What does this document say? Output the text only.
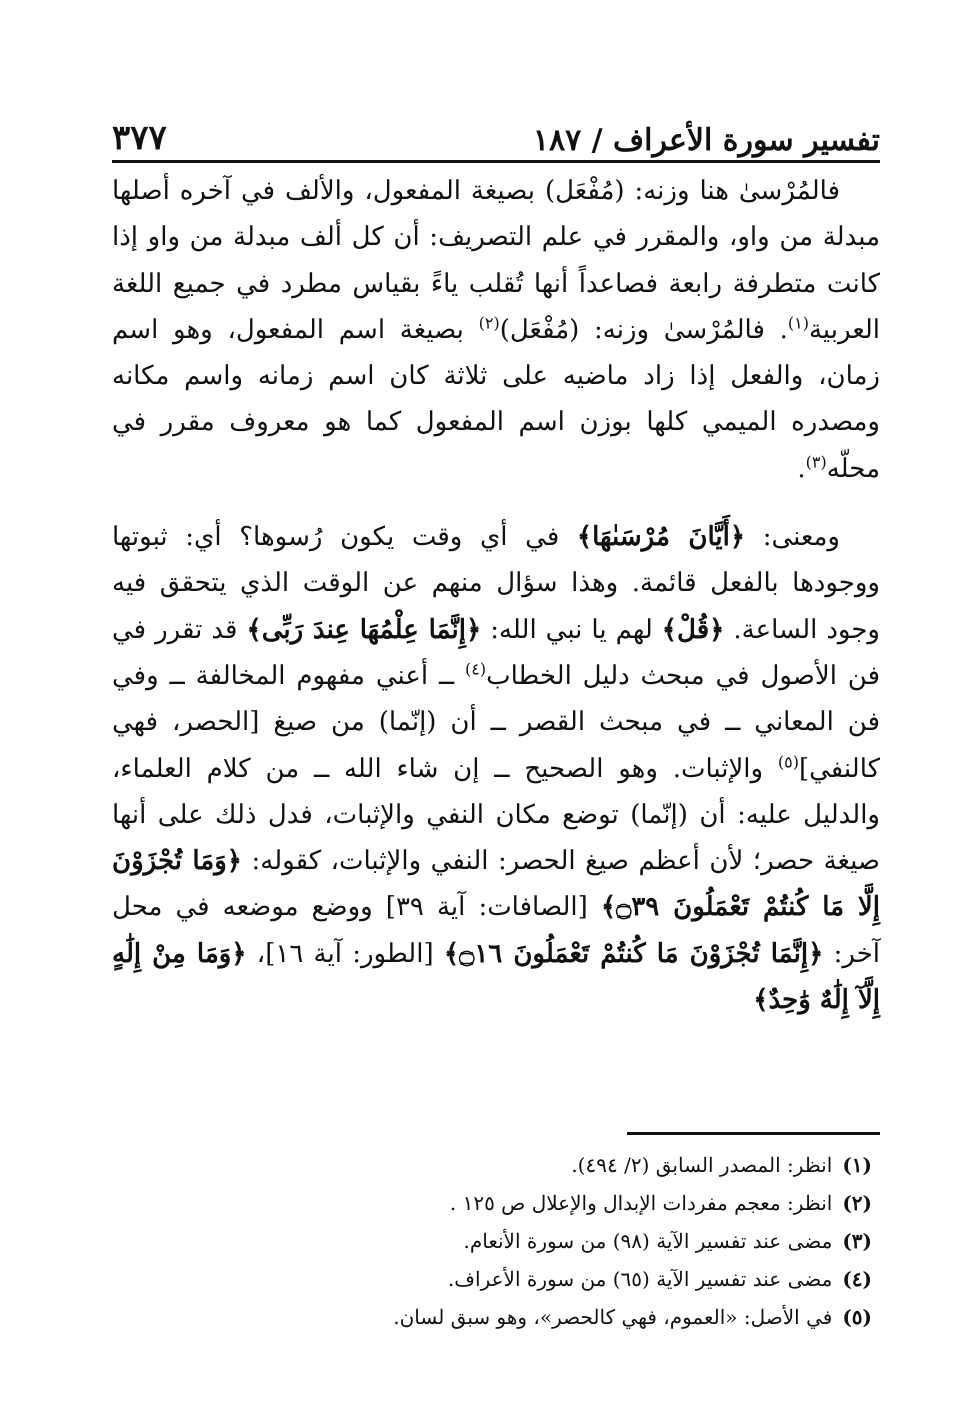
تفسير سورة الأعراف / ١٨٧
٣٧٧

فالمُرْسىٰ هنا وزنه: (مُفْعَل) بصيغة المفعول، والألف في آخره أصلها مبدلة من واو، والمقرر في علم التصريف: أن كل ألف مبدلة من واو إذا كانت متطرفة رابعة فصاعداً أنها تُقلب ياءً بقياس مطرد في جميع اللغة العربية$^{(١)}$. فالمُرْسىٰ وزنه: (مُفْعَل)$^{(٢)}$ بصيغة اسم المفعول، وهو اسم زمان، والفعل إذا زاد ماضيه على ثلاثة كان اسم زمانه واسم مكانه ومصدره الميمي كلها بوزن اسم المفعول كما هو معروف مقرر في محلّه$^{(٣)}$.

ومعنى: ﴿أَيَّانَ مُرْسَىٰهَا﴾ في أي وقت يكون رُسوها؟ أي: ثبوتها ووجودها بالفعل قائمة. وهذا سؤال منهم عن الوقت الذي يتحقق فيه وجود الساعة. ﴿قُلْ﴾ لهم يا نبي الله: ﴿إِنَّمَا عِلْمُهَا عِندَ رَبِّى﴾ قد تقرر في فن الأصول في مبحث دليل الخطاب$^{(٤)}$ ــ أعني مفهوم المخالفة ــ وفي فن المعاني ــ في مبحث القصر ــ أن (إنّما) من صيغ [الحصر، فهي كالنفي]$^{(٥)}$ والإثبات. وهو الصحيح ــ إن شاء الله ــ من كلام العلماء، والدليل عليه: أن (إنّما) توضع مكان النفي والإثبات، فدل ذلك على أنها صيغة حصر؛ لأن أعظم صيغ الحصر: النفي والإثبات، كقوله: ﴿وَمَا تُجْزَوْنَ إِلَّا مَا كُنتُمْ تَعْمَلُونَ ۝٣٩﴾ [الصافات: آية ٣٩] ووضع موضعه في محل آخر: ﴿إِنَّمَا تُجْزَوْنَ مَا كُنتُمْ تَعْمَلُونَ ۝١٦﴾ [الطور: آية ١٦]، ﴿وَمَا مِنْ إِلَٰهٍ إِلَّآ إِلَٰهٌ وَٰحِدٌ﴾

(١)
انظر: المصدر السابق (٢/ ٤٩٤).
(٢)
انظر: معجم مفردات الإبدال والإعلال ص ١٢٥ .
(٣)
مضى عند تفسير الآية (٩٨) من سورة الأنعام.
(٤)
مضى عند تفسير الآية (٦٥) من سورة الأعراف.
(٥)
في الأصل: «العموم، فهي كالحصر»، وهو سبق لسان.
